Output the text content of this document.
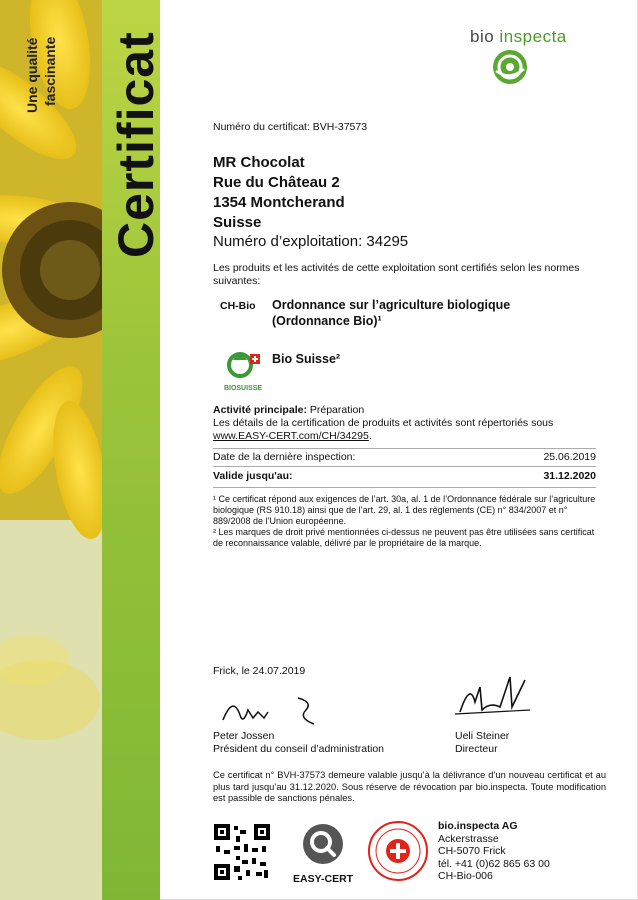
Certificat
Une qualité fascinante
bio inspecta
Numéro du certificat: BVH-37573
MR Chocolat
Rue du Château 2
1354 Montcherand
Suisse
Numéro d’exploitation: 34295
Les produits et les activités de cette exploitation sont certifiés selon les normes suivantes:
CH-Bio Ordonnance sur l’agriculture biologique
(Ordonnance Bio)¹
BIOSUISSE
Bio Suisse²
Activité principale: Préparation
Les détails de la certification de produits et activités sont répertoriés sous www.EASY-CERT.com/CH/34295.
Date de la dernière inspection:	25.06.2019
Valide jusqu'au:	31.12.2020
¹ Ce certificat répond aux exigences de l’art. 30a, al. 1 de l’Ordonnance fédérale sur l’agriculture biologique (RS 910.18) ainsi que de l’art. 29, al. 1 des règlements (CE) n° 834/2007 et n° 889/2008 de l’Union européenne.
² Les marques de droit privé mentionnées ci-dessus ne peuvent pas être utilisées sans certificat de reconnaissance valable, délivré par le propriétaire de la marque.
Frick, le 24.07.2019
Peter Jossen
Président du conseil d’administration
Ueli Steiner
Directeur
Ce certificat n° BVH-37573 demeure valable jusqu’à la délivrance d’un nouveau certificat et au plus tard jusqu’au 31.12.2020. Sous réserve de révocation par bio.inspecta. Toute modification est passible de sanctions pénales.
EASY-CERT
bio.inspecta AG
Ackerstrasse
CH-5070 Frick
tél. +41 (0)62 865 63 00
CH-Bio-006
